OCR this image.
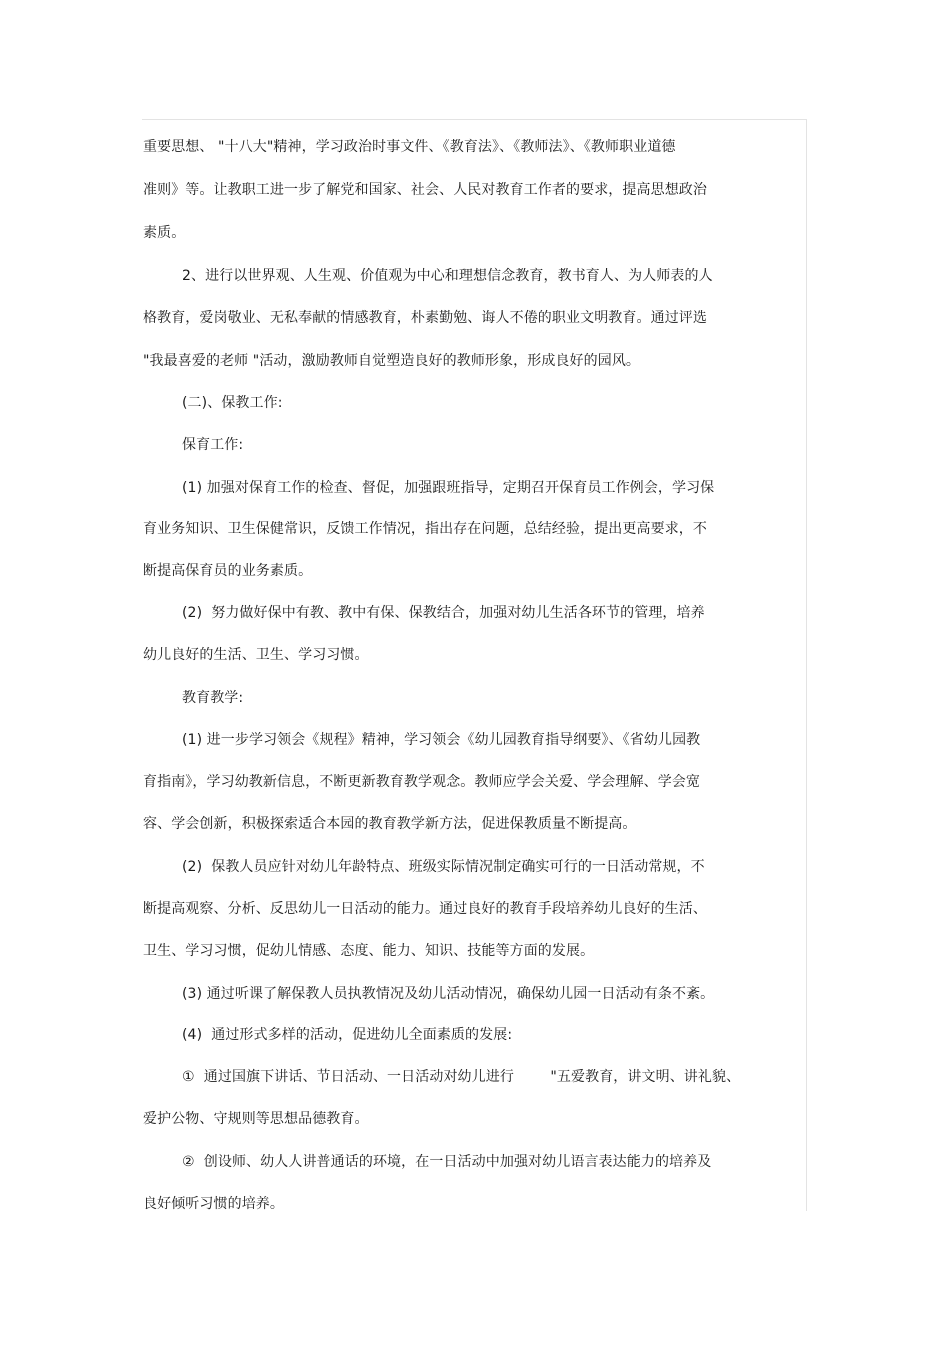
重要思想、 "十八大"精神，学习政治时事文件、《教育法》、《教师法》、《教师职业道德
准则》等。让教职工进一步了解党和国家、社会、人民对教育工作者的要求，提高思想政治
素质。
2、进行以世界观、人生观、价值观为中心和理想信念教育，教书育人、为人师表的人
格教育，爱岗敬业、无私奉献的情感教育，朴素勤勉、诲人不倦的职业文明教育。通过评选
"我最喜爱的老师 "活动，激励教师自觉塑造良好的教师形象，形成良好的园风。
(二)、保教工作:
保育工作:
(1) 加强对保育工作的检查、督促，加强跟班指导，定期召开保育员工作例会，学习保
育业务知识、卫生保健常识，反馈工作情况，指出存在问题，总结经验，提出更高要求，不
断提高保育员的业务素质。
(2)  努力做好保中有教、教中有保、保教结合，加强对幼儿生活各环节的管理，培养
幼儿良好的生活、卫生、学习习惯。
教育教学:
(1) 进一步学习领会《规程》精神，学习领会《幼儿园教育指导纲要》、《省幼儿园教
育指南》，学习幼教新信息，不断更新教育教学观念。教师应学会关爱、学会理解、学会宽
容、学会创新，积极探索适合本园的教育教学新方法，促进保教质量不断提高。
(2)  保教人员应针对幼儿年龄特点、班级实际情况制定确实可行的一日活动常规，不
断提高观察、分析、反思幼儿一日活动的能力。通过良好的教育手段培养幼儿良好的生活、
卫生、学习习惯，促幼儿情感、态度、能力、知识、技能等方面的发展。
(3) 通过听课了解保教人员执教情况及幼儿活动情况，确保幼儿园一日活动有条不紊。
(4)  通过形式多样的活动，促进幼儿全面素质的发展:
①  通过国旗下讲话、节日活动、一日活动对幼儿进行        "五爱教育，讲文明、讲礼貌、
爱护公物、守规则等思想品德教育。
②  创设师、幼人人讲普通话的环境，在一日活动中加强对幼儿语言表达能力的培养及
良好倾听习惯的培养。
